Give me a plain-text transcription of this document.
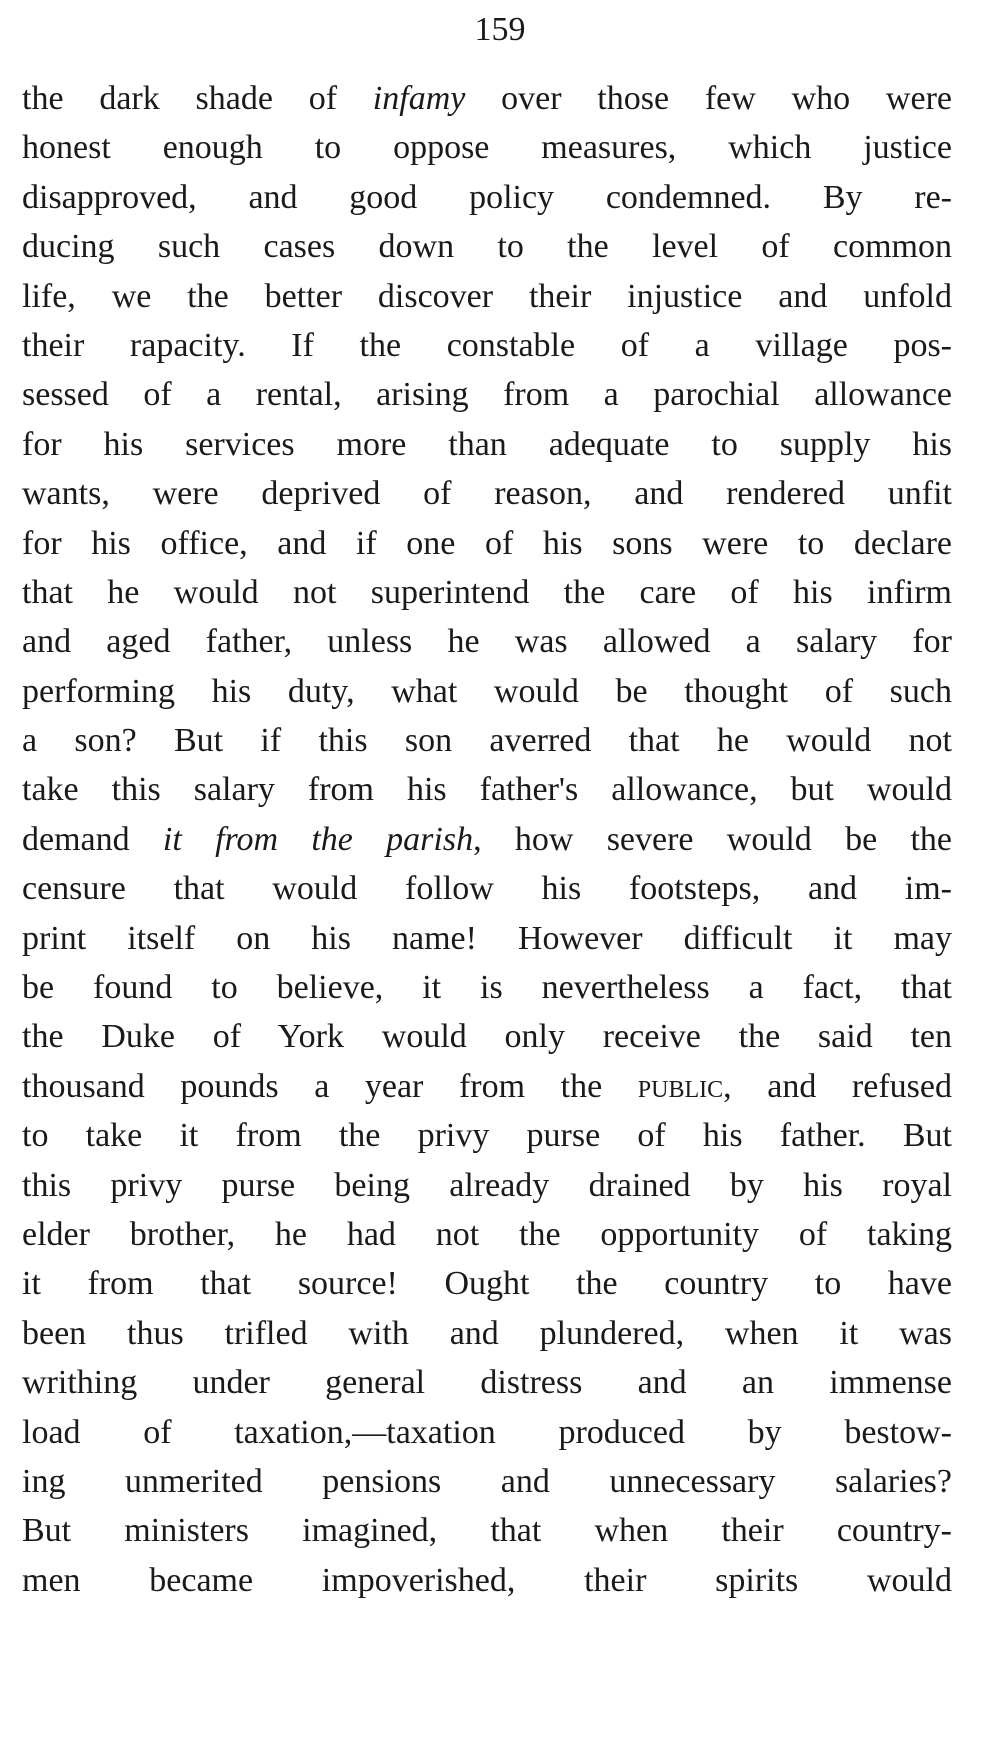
159
the dark shade of infamy over those few who were
honest enough to oppose measures, which justice
disapproved, and good policy condemned. By re-
ducing such cases down to the level of common
life, we the better discover their injustice and unfold
their rapacity. If the constable of a village pos-
sessed of a rental, arising from a parochial allowance
for his services more than adequate to supply his
wants, were deprived of reason, and rendered unfit
for his office, and if one of his sons were to declare
that he would not superintend the care of his infirm
and aged father, unless he was allowed a salary for
performing his duty, what would be thought of such
a son? But if this son averred that he would not
take this salary from his father's allowance, but would
demand it from the parish, how severe would be the
censure that would follow his footsteps, and im-
print itself on his name! However difficult it may
be found to believe, it is nevertheless a fact, that
the Duke of York would only receive the said ten
thousand pounds a year from the public, and refused
to take it from the privy purse of his father. But
this privy purse being already drained by his royal
elder brother, he had not the opportunity of taking
it from that source! Ought the country to have
been thus trifled with and plundered, when it was
writhing under general distress and an immense
load of taxation,—taxation produced by bestow-
ing unmerited pensions and unnecessary salaries?
But ministers imagined, that when their country-
men became impoverished, their spirits would
